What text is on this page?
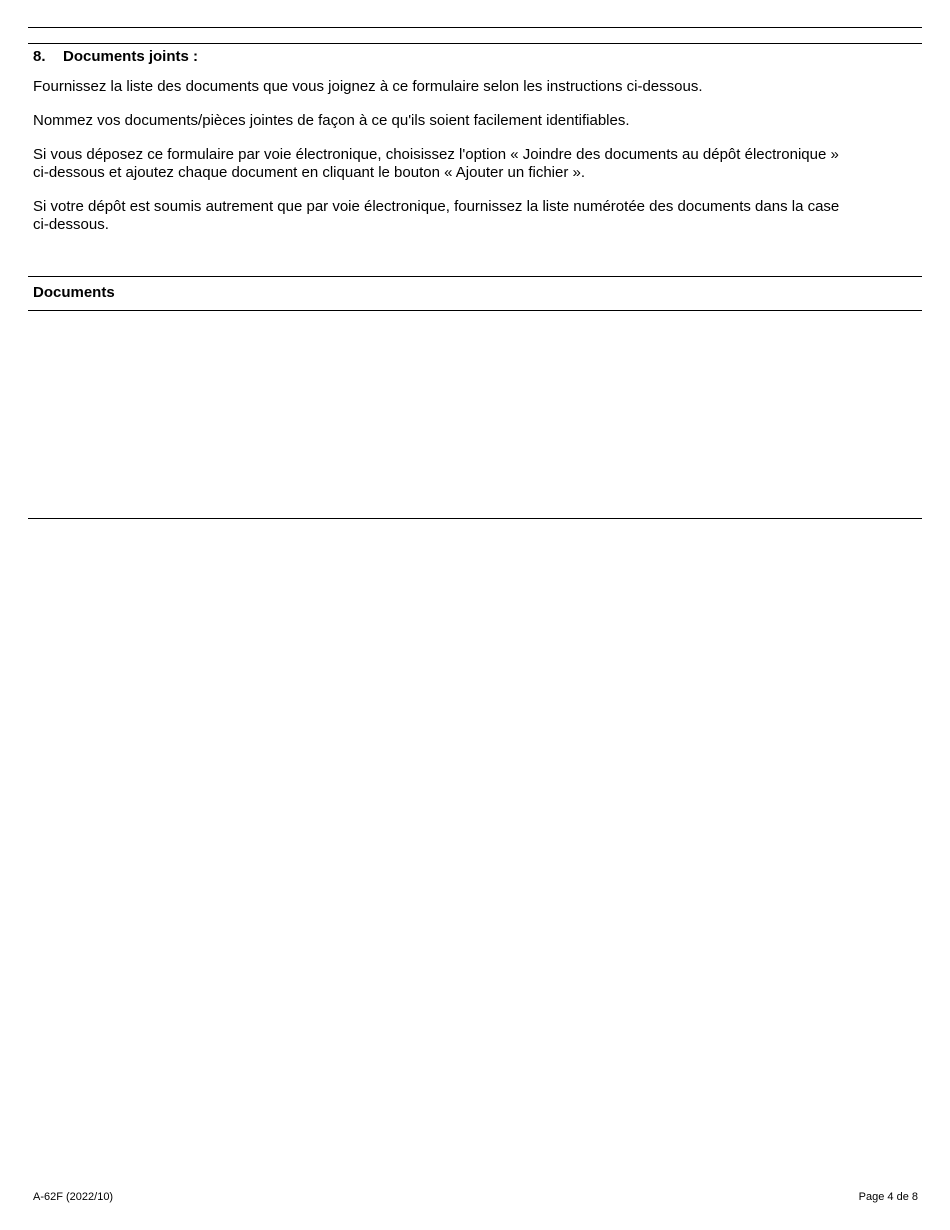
8. Documents joints :

Fournissez la liste des documents que vous joignez à ce formulaire selon les instructions ci-dessous.

Nommez vos documents/pièces jointes de façon à ce qu'ils soient facilement identifiables.

Si vous déposez ce formulaire par voie électronique, choisissez l'option « Joindre des documents au dépôt électronique »
ci-dessous et ajoutez chaque document en cliquant le bouton « Ajouter un fichier ».

Si votre dépôt est soumis autrement que par voie électronique, fournissez la liste numérotée des documents dans la case
ci-dessous.

Documents
A-62F (2022/10)	Page 4 de 8
